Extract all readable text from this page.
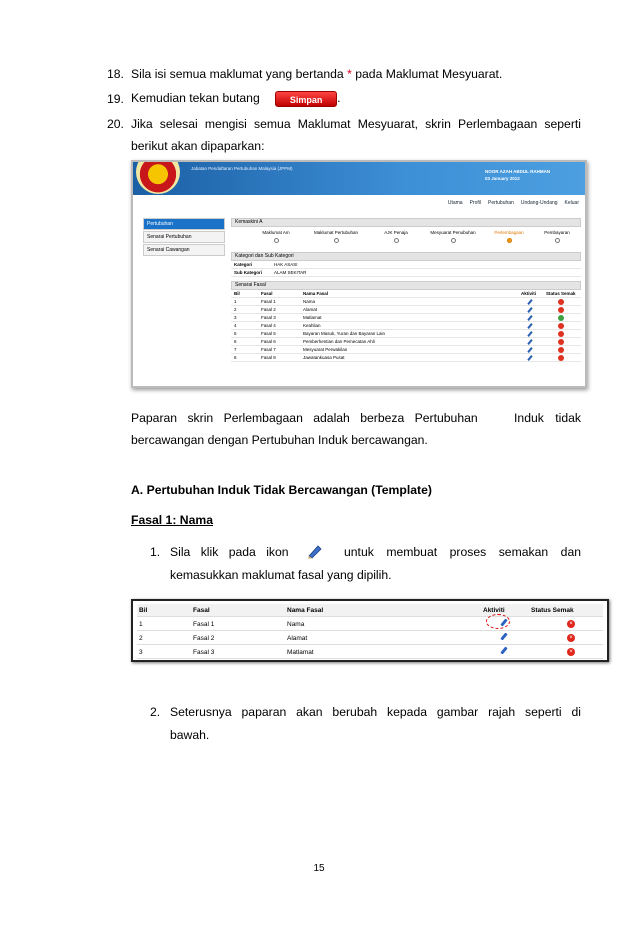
18. Sila isi semua maklumat yang bertanda * pada Maklumat Mesyuarat.
19. Kemudian tekan butang	Simpan .
20. Jika selesai mengisi semua Maklumat Mesyuarat, skrin Perlembagaan seperti
berikut akan dipaparkan:
Jabatan Pendaftaran Pertubuhan Malaysia (JPPM)
NOOR AZAH ABDUL RAHMAN
03 January 2012
Utama Profil Pertubuhan Undang-Undang Keluar
Pertubuhan
Senarai Pertubuhan
Senarai Cawangan
Kemaskini A
Maklumat Am	Maklumat Pertubuhan	AJK Penaja	Mesyuarat Penubuhan	Perlembagaan	Pembayaran
Kategori dan Sub Kategori
Kategori	HAK ASASI
Sub Kategori	ALAM SEKITAR
Senarai Fasal
Bil	Fasal	Nama Fasal	Aktiviti Status Semak
1	Fasal 1	Nama
2	Fasal 2	Alamat
3	Fasal 3	Matlamat
4	Fasal 4	Keahlian
5	Fasal 5	Bayaran Masuk, Yuran dan Bayaran Lain
6	Fasal 6	Pemberhentian dan Pemecatan Ahli
7	Fasal 7	Mesyuarat Perwakilan
8	Fasal 8	Jawatankuasa Pusat
Paparan skrin Perlembagaan adalah berbeza Pertubuhan	Induk tidak
bercawangan dengan Pertubuhan Induk bercawangan.
A. Pertubuhan Induk Tidak Bercawangan (Template)
Fasal 1: Nama
1. Sila klik pada ikon	untuk membuat proses semakan dan
kemasukkan maklumat fasal yang dipilih.
Bil	Fasal	Nama Fasal	Aktiviti	Status Semak
1	Fasal 1	Nama	×
2	Fasal 2	Alamat	×
3	Fasal 3	Matlamat	×
2. Seterusnya paparan akan berubah kepada gambar rajah seperti di
bawah.
15
